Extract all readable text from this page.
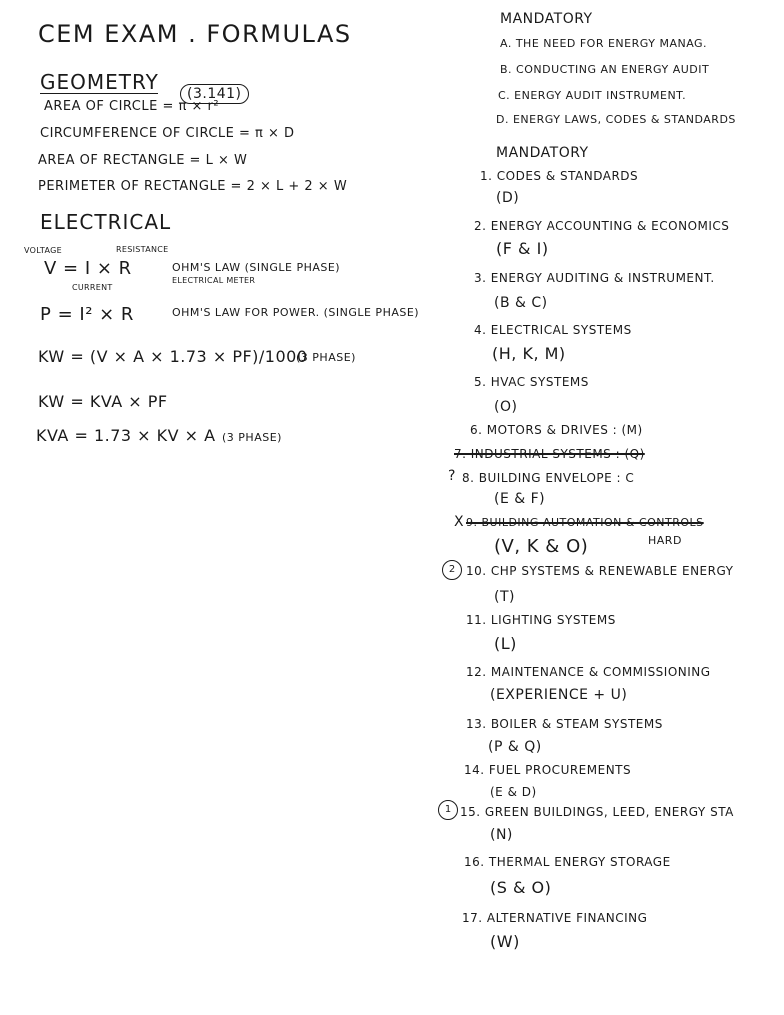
CEM EXAM . FORMULAS
GEOMETRY	(3.141)
AREA OF CIRCLE = π × r²
CIRCUMFERENCE OF CIRCLE = π × D
AREA OF RECTANGLE = L × W
PERIMETER OF RECTANGLE = 2 × L + 2 × W
ELECTRICAL
VOLTAGE	RESISTANCE
V = I × R
CURRENT
OHM'S LAW (SINGLE PHASE)
ELECTRICAL METER
P = I² × R	OHM'S LAW FOR POWER. (SINGLE PHASE)
KW = (V × A × 1.73 × PF)/1000
(3 PHASE)
KW = KVA × PF
KVA = 1.73 × KV × A (3 PHASE)
MANDATORY
A. THE NEED FOR ENERGY MANAG.
B. CONDUCTING AN ENERGY AUDIT
C. ENERGY AUDIT INSTRUMENT.
D. ENERGY LAWS, CODES & STANDARDS
MANDATORY
1. CODES & STANDARDS
(D)
2. ENERGY ACCOUNTING & ECONOMICS
(F & I)
3. ENERGY AUDITING & INSTRUMENT.
(B & C)
4. ELECTRICAL SYSTEMS
(H, K, M)
5. HVAC SYSTEMS
(O)
6. MOTORS & DRIVES : (M)
7. INDUSTRIAL SYSTEMS : (Q)
? 8. BUILDING ENVELOPE : C
(E & F)
X 9. BUILDING AUTOMATION & CONTROLS
HARD
(V, K & O)
2 10. CHP SYSTEMS & RENEWABLE ENERGY
(T)
11. LIGHTING SYSTEMS
(L)
12. MAINTENANCE & COMMISSIONING
(EXPERIENCE + U)
13. BOILER & STEAM SYSTEMS
(P & Q)
14. FUEL PROCUREMENTS
(E & D)
1 15. GREEN BUILDINGS, LEED, ENERGY STA
(N)
16. THERMAL ENERGY STORAGE
(S & O)
17. ALTERNATIVE FINANCING
(W)
